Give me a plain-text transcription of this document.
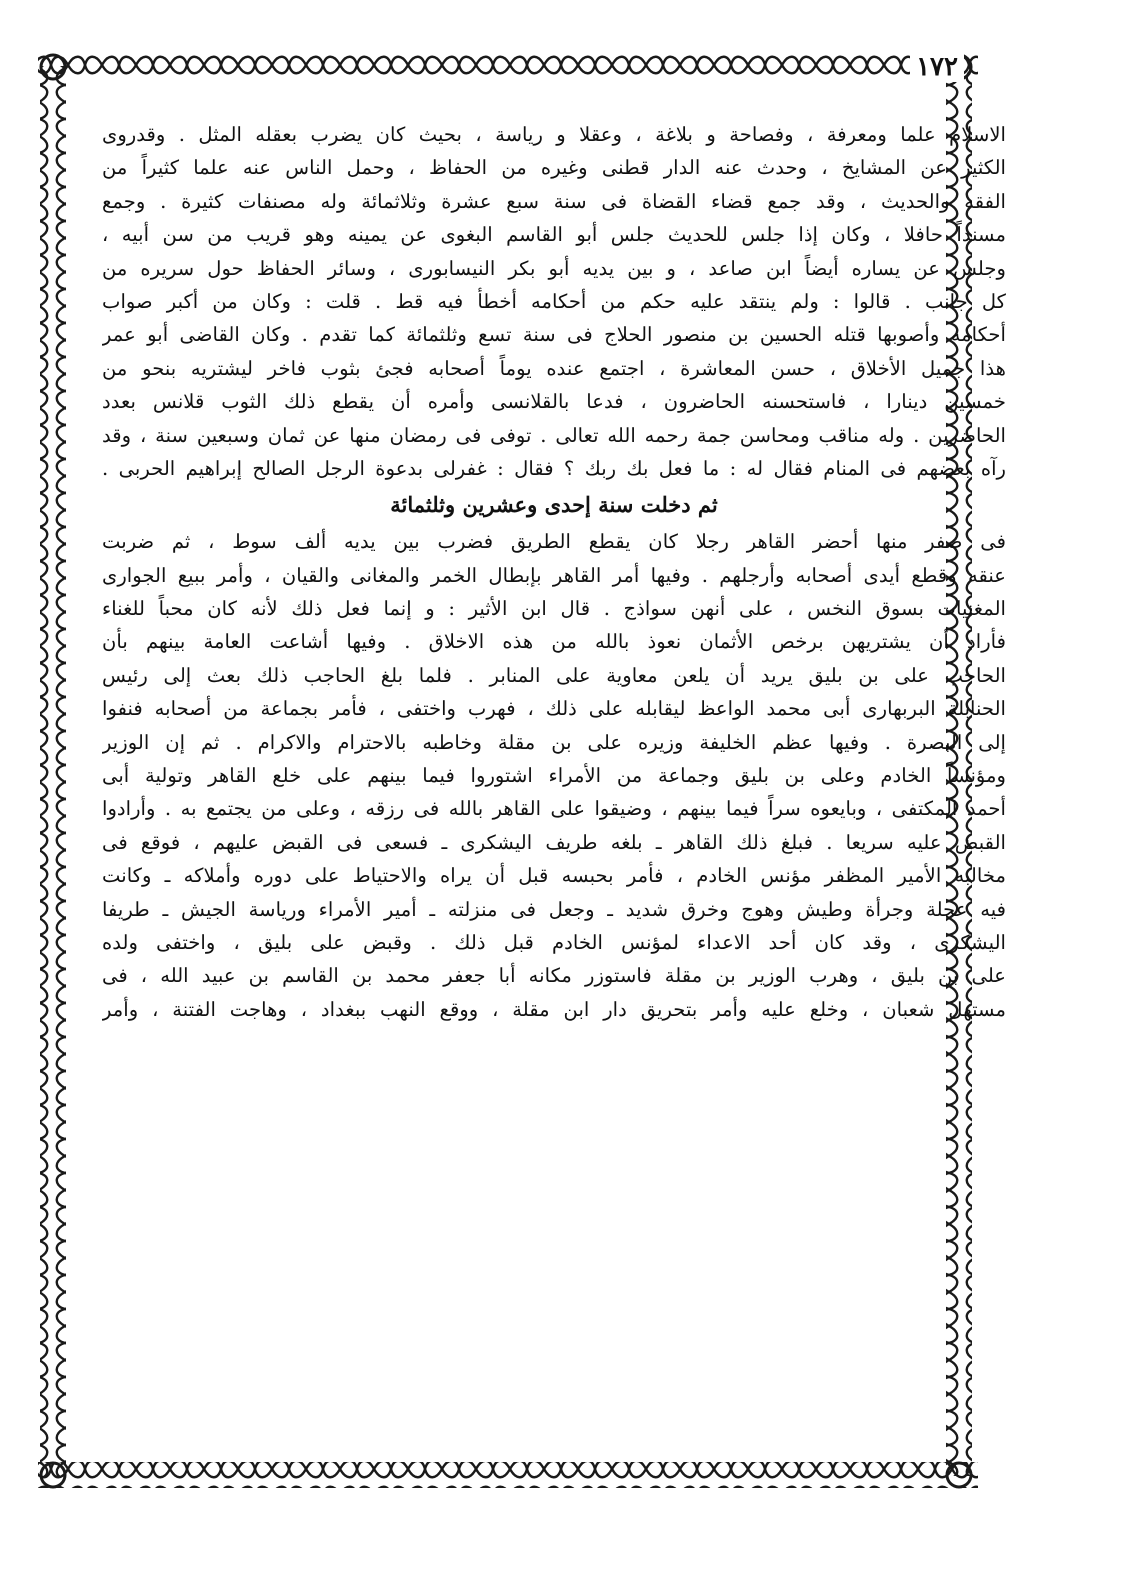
١٧٢
الاسلام علما ومعرفة ، وفصاحة و بلاغة ، وعقلا و رياسة ، بحيث كان يضرب بعقله المثل . وقدروى
الكثير عن المشايخ ، وحدث عنه الدار قطنى وغيره من الحفاظ ، وحمل الناس عنه علما كثيراً من
الفقه والحديث ، وقد جمع قضاء القضاة فى سنة سبع عشرة وثلاثمائة وله مصنفات كثيرة . وجمع
مسنداً حافلا ، وكان إذا جلس للحديث جلس أبو القاسم البغوى عن يمينه وهو قريب من سن أبيه ،
وجلس عن يساره أيضاً ابن صاعد ، و بين يديه أبو بكر النيسابورى ، وسائر الحفاظ حول سريره من
كل جانب . قالوا : ولم ينتقد عليه حكم من أحكامه أخطأ فيه قط . قلت : وكان من أكبر صواب
أحكامه وأصوبها قتله الحسين بن منصور الحلاج فى سنة تسع وثلثمائة كما تقدم . وكان القاضى أبو عمر
هذا جميل الأخلاق ، حسن المعاشرة ، اجتمع عنده يوماً أصحابه فجئ بثوب فاخر ليشتريه بنحو من
خمسين دينارا ، فاستحسنه الحاضرون ، فدعا بالقلانسى وأمره أن يقطع ذلك الثوب قلانس بعدد
الحاضرين . وله مناقب ومحاسن جمة رحمه الله تعالى . توفى فى رمضان منها عن ثمان وسبعين سنة ، وقد
رآه بعضهم فى المنام فقال له : ما فعل بك ربك ؟ فقال : غفرلى بدعوة الرجل الصالح إبراهيم الحربى .
ثم دخلت سنة إحدى وعشرين وثلثمائة
فى صفر منها أحضر القاهر رجلا كان يقطع الطريق فضرب بين يديه ألف سوط ، ثم ضربت
عنقه وقطع أيدى أصحابه وأرجلهم . وفيها أمر القاهر بإبطال الخمر والمغانى والقيان ، وأمر ببيع الجوارى
المغنيات بسوق النخس ، على أنهن سواذج . قال ابن الأثير : و إنما فعل ذلك لأنه كان محباً للغناء
فأراد أن يشتريهن برخص الأثمان نعوذ بالله من هذه الاخلاق . وفيها أشاعت العامة بينهم بأن
الحاجب على بن بليق يريد أن يلعن معاوية على المنابر . فلما بلغ الحاجب ذلك بعث إلى رئيس
الحنابلة البربهارى أبى محمد الواعظ ليقابله على ذلك ، فهرب واختفى ، فأمر بجماعة من أصحابه فنفوا
إلى البصرة . وفيها عظم الخليفة وزيره على بن مقلة وخاطبه بالاحترام والاكرام . ثم إن الوزير
ومؤنساً الخادم وعلى بن بليق وجماعة من الأمراء اشتوروا فيما بينهم على خلع القاهر وتولية أبى
أحمد المكتفى ، وبايعوه سراً فيما بينهم ، وضيقوا على القاهر بالله فى رزقه ، وعلى من يجتمع به . وأرادوا
القبض عليه سريعا . فبلغ ذلك القاهر ـ بلغه طريف اليشكرى ـ فسعى فى القبض عليهم ، فوقع فى
مخالبه الأمير المظفر مؤنس الخادم ، فأمر بحبسه قبل أن يراه والاحتياط على دوره وأملاكه ـ وكانت
فيه عجلة وجرأة وطيش وهوج وخرق شديد ـ وجعل فى منزلته ـ أمير الأمراء ورياسة الجيش ـ طريفا
اليشكرى ، وقد كان أحد الاعداء لمؤنس الخادم قبل ذلك . وقبض على بليق ، واختفى ولده
على بن بليق ، وهرب الوزير بن مقلة فاستوزر مكانه أبا جعفر محمد بن القاسم بن عبيد الله ، فى
مستهل شعبان ، وخلع عليه وأمر بتحريق دار ابن مقلة ، ووقع النهب ببغداد ، وهاجت الفتنة ، وأمر
